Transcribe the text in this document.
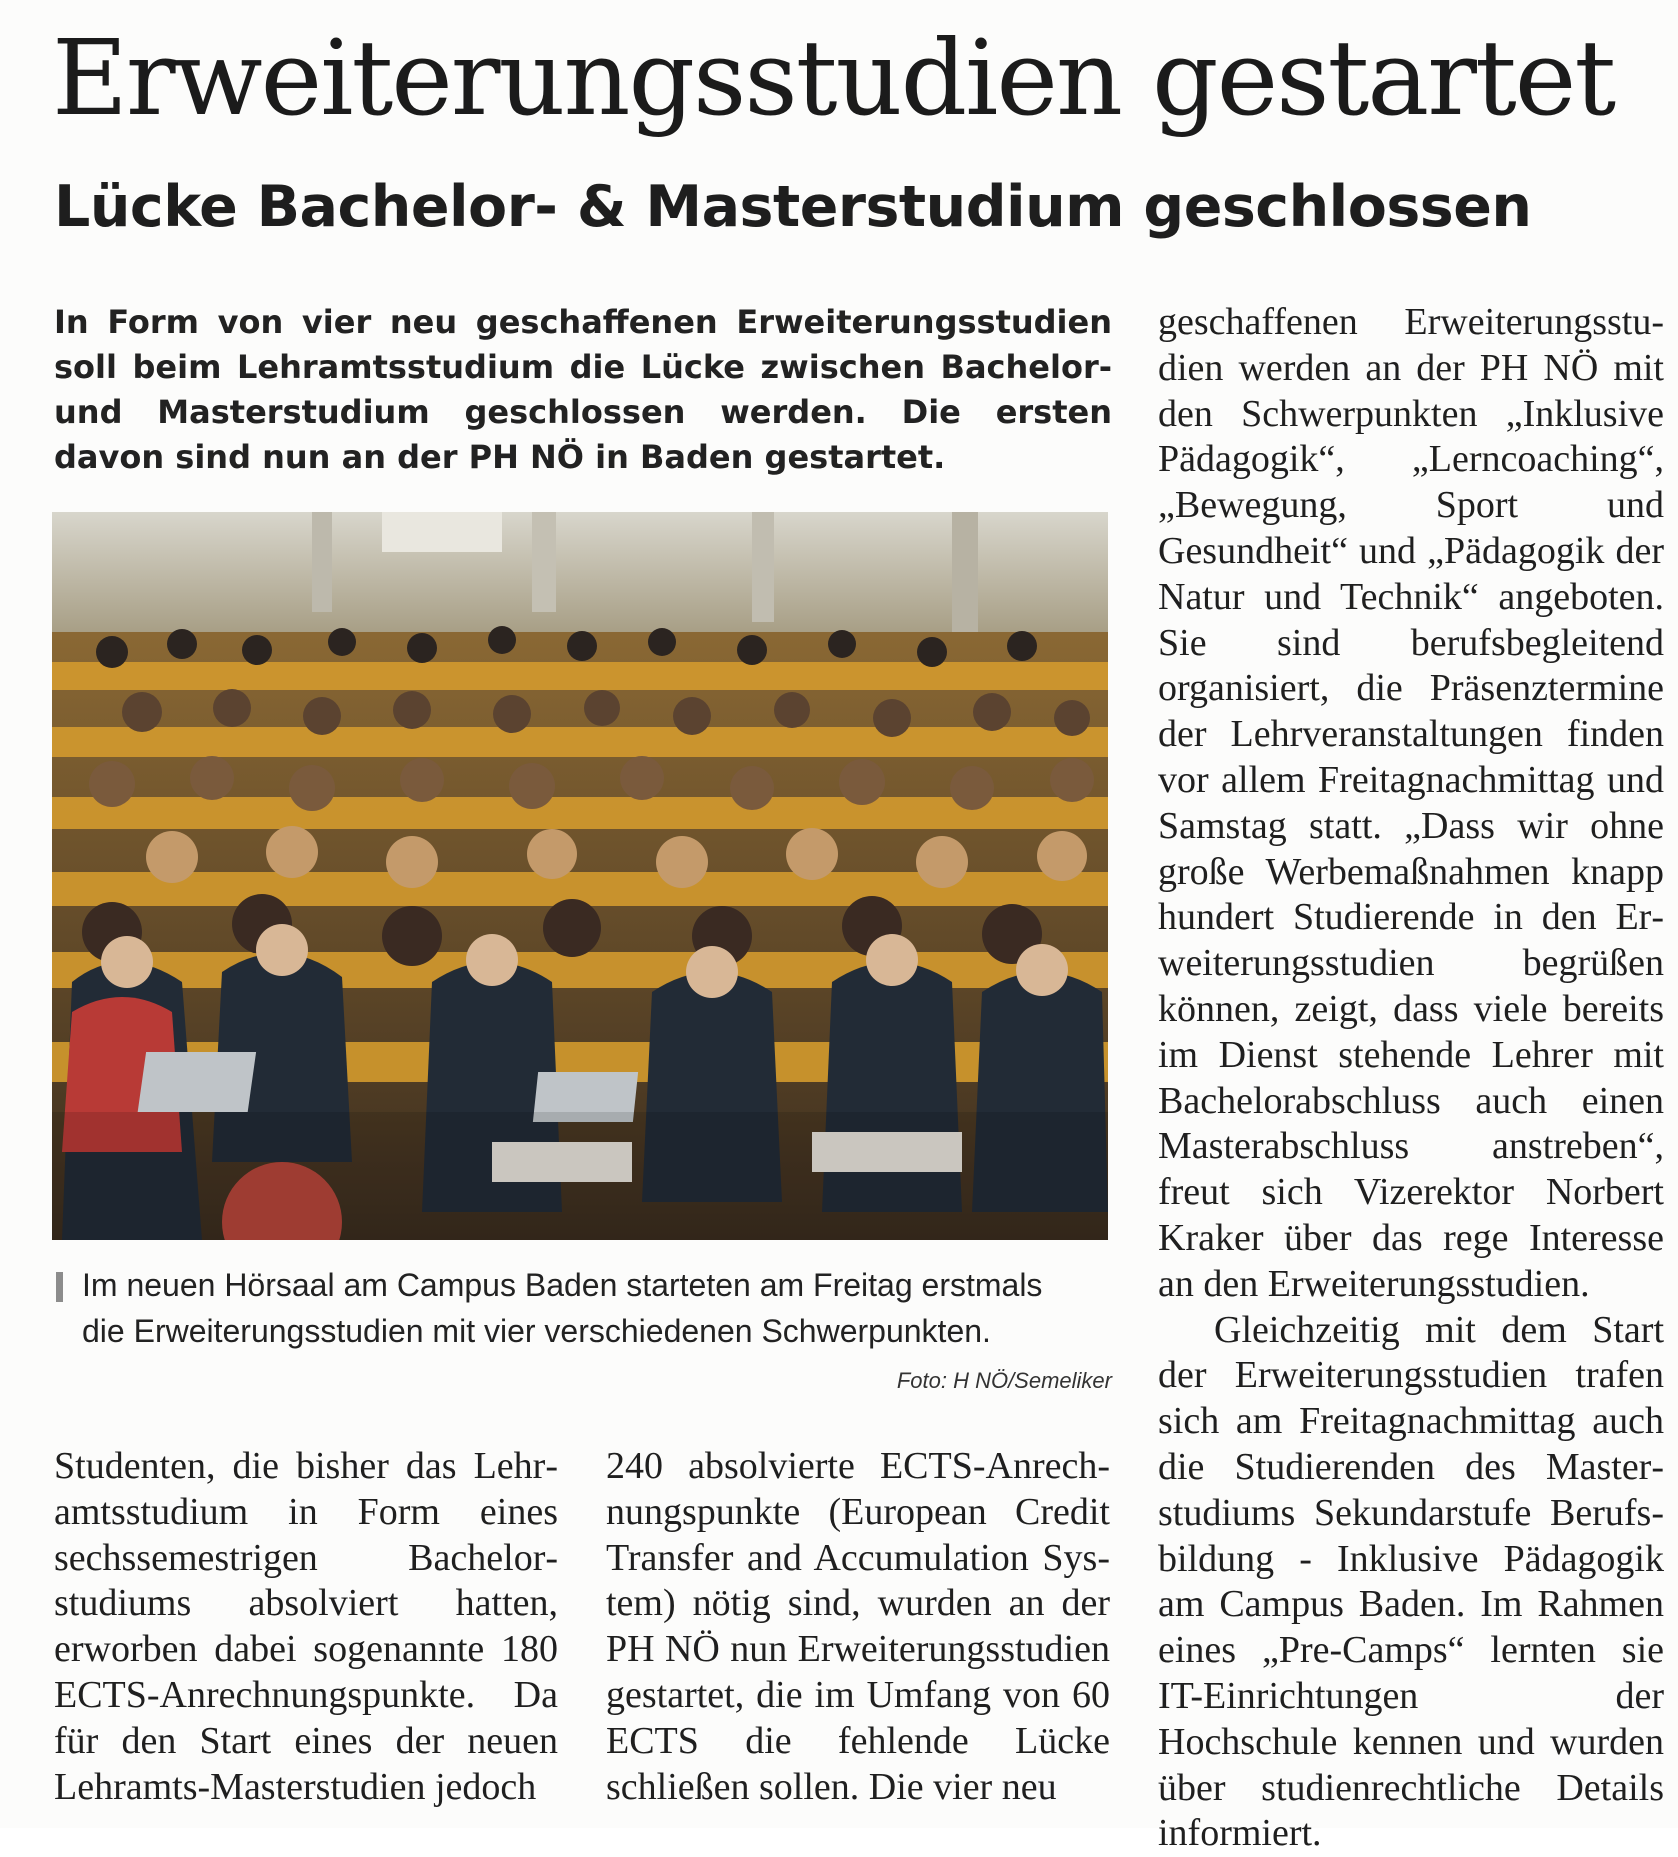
Erweiterungsstudien gestartet
Lücke Bachelor- & Masterstudium geschlossen

In Form von vier neu geschaffenen Erweiterungsstudien soll beim Lehramtsstudium die Lücke zwischen Bachelor- und Masterstudium geschlossen werden. Die ersten davon sind nun an der PH NÖ in Baden gestartet.

Im neuen Hörsaal am Campus Baden starteten am Freitag erstmals die Erweiterungsstudien mit vier verschiedenen Schwerpunkten.

Foto: H NÖ/Semeliker

Studenten, die bisher das Lehramtsstudium in Form eines sechssemestrigen Bachelorstudiums absolviert hatten, erworben dabei sogenannte 180 ECTS-Anrechnungspunkte. Da für den Start eines der neuen Lehramts-Masterstudien jedoch

240 absolvierte ECTS-Anrechnungspunkte (European Credit Transfer and Accumulation System) nötig sind, wurden an der PH NÖ nun Erweiterungsstudien gestartet, die im Umfang von 60 ECTS die fehlende Lücke schließen sollen. Die vier neu

geschaffenen Erweiterungsstudien werden an der PH NÖ mit den Schwerpunkten „Inklusive Pädagogik“, „Lerncoaching“, „Bewegung, Sport und Gesundheit“ und „Pädagogik der Natur und Technik“ angeboten. Sie sind berufsbegleitend organisiert, die Präsenztermine der Lehrveranstaltungen finden vor allem Freitagnachmittag und Samstag statt. „Dass wir ohne große Werbemaßnahmen knapp hundert Studierende in den Erweiterungsstudien begrüßen können, zeigt, dass viele bereits im Dienst stehende Lehrer mit Bachelorabschluss auch einen Masterabschluss anstreben“, freut sich Vizerektor Norbert Kraker über das rege Interesse an den Erweiterungsstudien.

Gleichzeitig mit dem Start der Erweiterungsstudien trafen sich am Freitagnachmittag auch die Studierenden des Masterstudiums Sekundarstufe Berufsbildung - Inklusive Pädagogik am Campus Baden. Im Rahmen eines „Pre-Camps“ lernten sie IT-Einrichtungen der Hochschule kennen und wurden über studienrechtliche Details informiert.
